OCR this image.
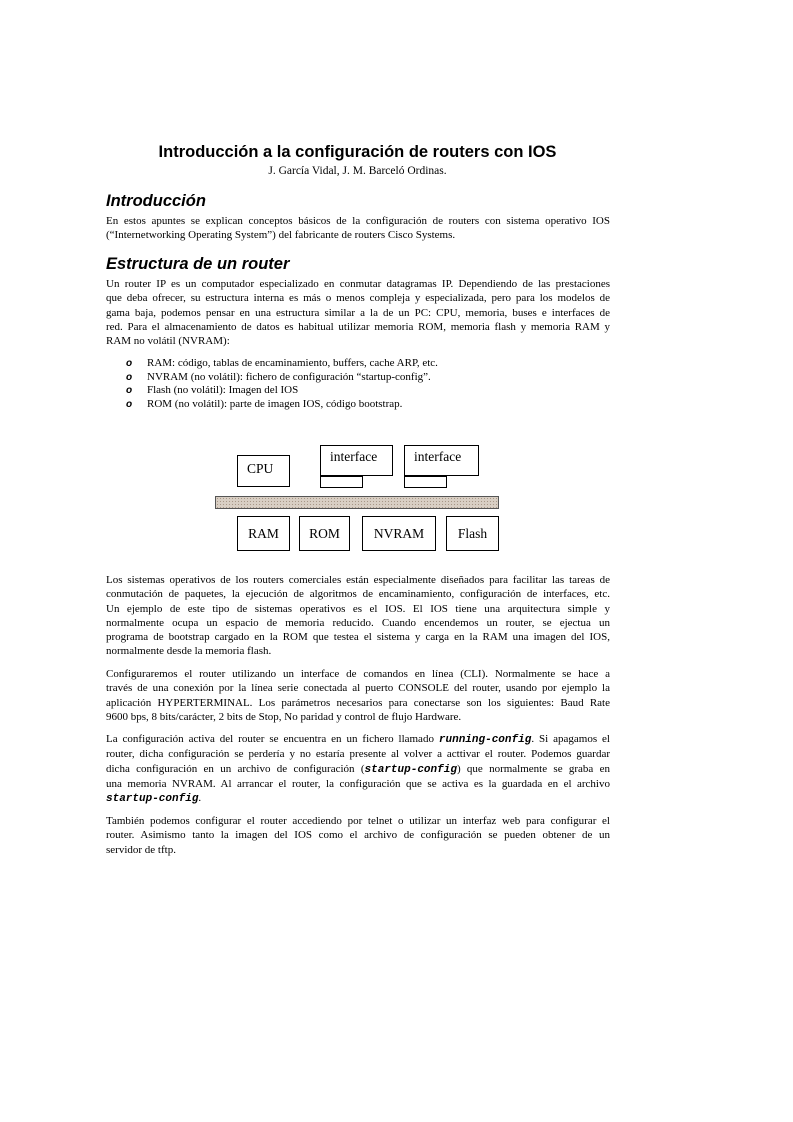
Introducción a la configuración de routers con IOS
J. García Vidal, J. M. Barceló Ordinas.
Introducción

En estos apuntes se explican conceptos básicos de la configuración de routers con sistema operativo IOS
(“Internetworking Operating System”) del fabricante de routers Cisco Systems.

Estructura de un router

Un router IP es un computador especializado en conmutar datagramas IP. Dependiendo de las prestaciones
que deba ofrecer, su estructura interna es más o menos compleja y especializada, pero para los modelos de
gama baja, podemos pensar en una estructura similar a la de un PC: CPU, memoria, buses e interfaces de
red. Para el almacenamiento de datos es habitual utilizar memoria ROM, memoria flash y memoria RAM y
RAM no volátil (NVRAM):

o RAM: código, tablas de encaminamiento, buffers, cache ARP, etc.
o NVRAM (no volátil): fichero de configuración “startup-config”.
o Flash (no volátil): Imagen del IOS
o ROM (no volátil): parte de imagen IOS, código bootstrap.
CPU
interface	interface
RAM	ROM	NVRAM	Flash

Los sistemas operativos de los routers comerciales están especialmente diseñados para facilitar las tareas de
conmutación de paquetes, la ejecución de algoritmos de encaminamiento, configuración de interfaces, etc.
Un ejemplo de este tipo de sistemas operativos es el IOS. El IOS tiene una arquitectura simple y
normalmente ocupa un espacio de memoria reducido. Cuando encendemos un router, se ejectua un
programa de bootstrap cargado en la ROM que testea el sistema y carga en la RAM una imagen del IOS,
normalmente desde la memoria flash.

Configuraremos el router utilizando un interface de comandos en línea (CLI). Normalmente se hace a
través de una conexión por la línea serie conectada al puerto CONSOLE del router, usando por ejemplo la
aplicación HYPERTERMINAL. Los parámetros necesarios para conectarse son los siguientes: Baud Rate
9600 bps, 8 bits/carácter, 2 bits de Stop, No paridad y control de flujo Hardware.

La configuración activa del router se encuentra en un fichero llamado running-config. Si apagamos el
router, dicha configuración se perdería y no estaría presente al volver a acttivar el router. Podemos guardar
dicha configuración en un archivo de configuración (startup-config) que normalmente se graba en
una memoria NVRAM. Al arrancar el router, la configuración que se activa es la guardada en el archivo
startup-config.

También podemos configurar el router accediendo por telnet o utilizar un interfaz web para configurar el
router. Asimismo tanto la imagen del IOS como el archivo de configuración se pueden obtener de un
servidor de tftp.
